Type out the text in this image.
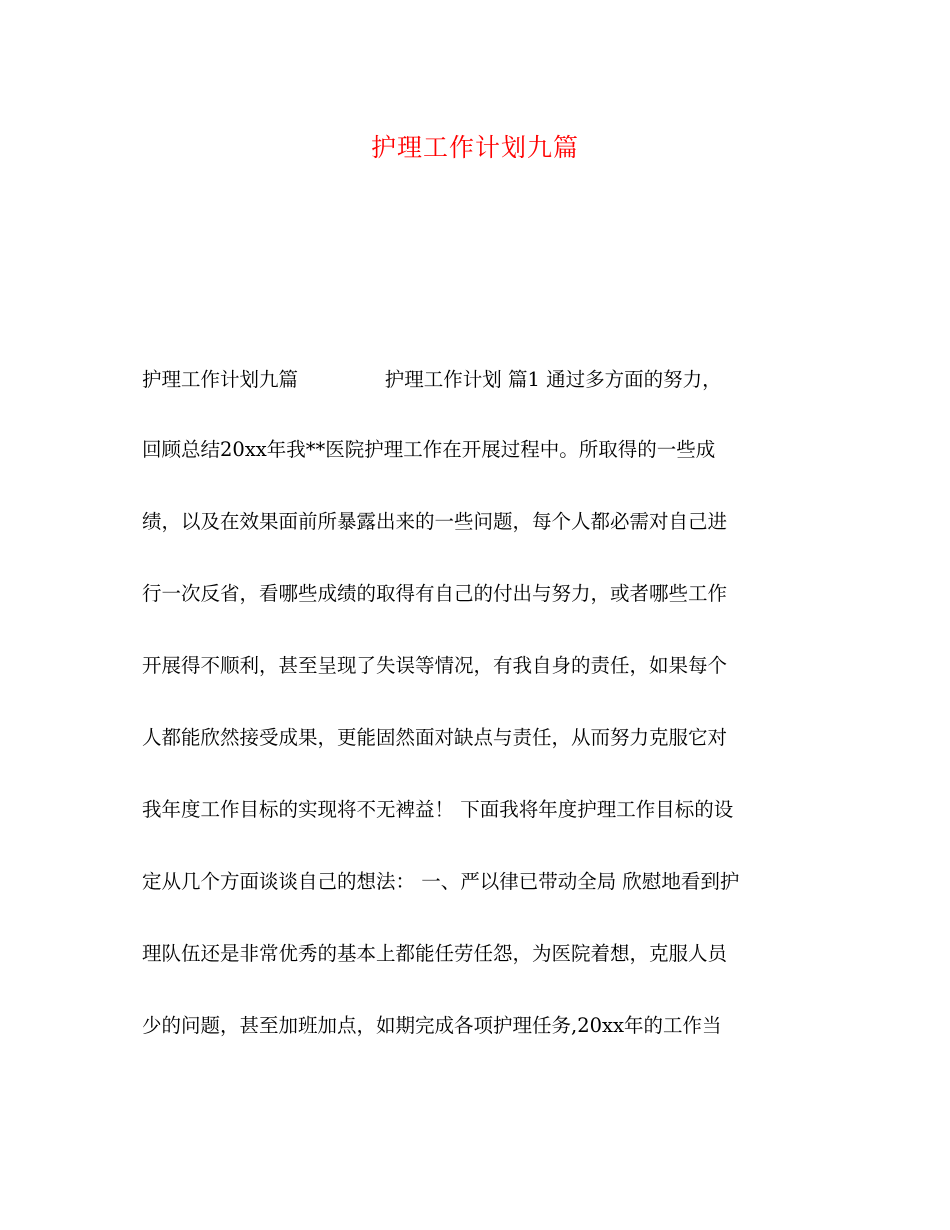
护理工作计划九篇
护理工作计划九篇              护理工作计划 篇1 通过多方面的努力，
回顾总结20xx年我**医院护理工作在开展过程中。所取得的一些成
绩，以及在效果面前所暴露出来的一些问题，每个人都必需对自己进
行一次反省，看哪些成绩的取得有自己的付出与努力，或者哪些工作
开展得不顺利，甚至呈现了失误等情况，有我自身的责任，如果每个
人都能欣然接受成果，更能固然面对缺点与责任，从而努力克服它对
我年度工作目标的实现将不无裨益！ 下面我将年度护理工作目标的设
定从几个方面谈谈自己的想法： 一、严以律已带动全局 欣慰地看到护
理队伍还是非常优秀的基本上都能任劳任怨，为医院着想，克服人员
少的问题，甚至加班加点，如期完成各项护理任务,20xx年的工作当
